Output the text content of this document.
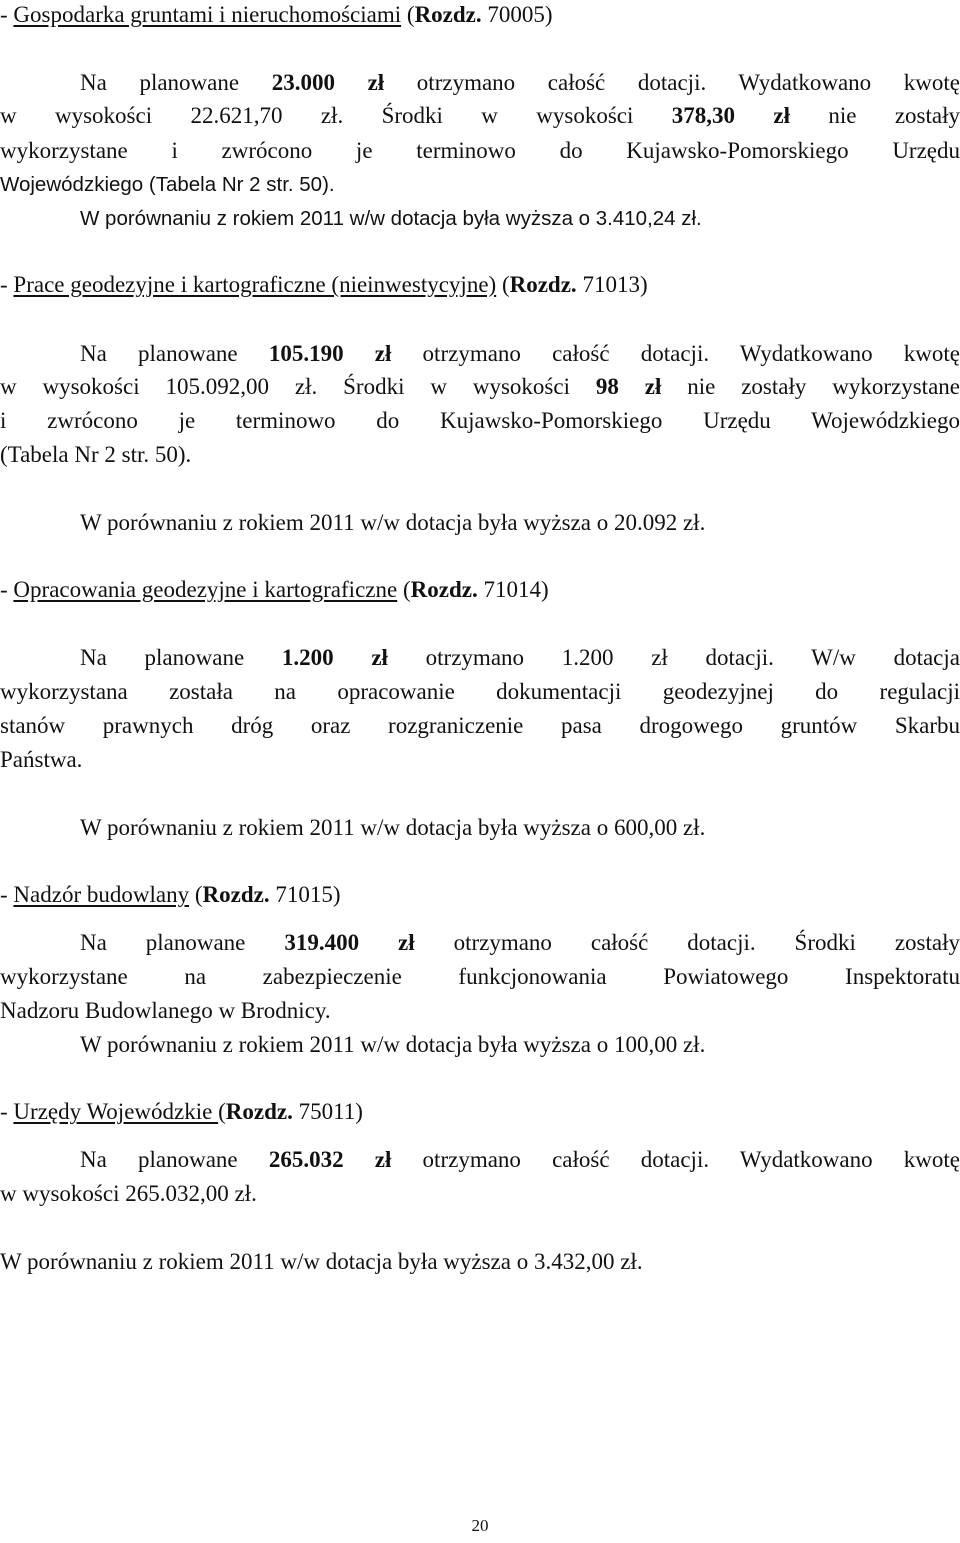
- Gospodarka gruntami i nieruchomościami (Rozdz. 70005)
Na planowane 23.000 zł otrzymano całość dotacji. Wydatkowano kwotę
w wysokości 22.621,70 zł. Środki w wysokości 378,30 zł nie zostały
wykorzystane i zwrócono je terminowo do Kujawsko-Pomorskiego Urzędu
Wojewódzkiego (Tabela Nr 2 str. 50).
W porównaniu z rokiem 2011 w/w dotacja była wyższa o 3.410,24 zł.
- Prace geodezyjne i kartograficzne (nieinwestycyjne) (Rozdz. 71013)
Na planowane 105.190 zł otrzymano całość dotacji. Wydatkowano kwotę
w wysokości 105.092,00 zł. Środki w wysokości 98 zł nie zostały wykorzystane
i zwrócono je terminowo do Kujawsko-Pomorskiego Urzędu Wojewódzkiego
(Tabela Nr 2 str. 50).
W porównaniu z rokiem 2011 w/w dotacja była wyższa o 20.092 zł.
- Opracowania geodezyjne i kartograficzne (Rozdz. 71014)
Na planowane 1.200 zł otrzymano 1.200 zł dotacji. W/w dotacja
wykorzystana została na opracowanie dokumentacji geodezyjnej do regulacji
stanów prawnych dróg oraz rozgraniczenie pasa drogowego gruntów Skarbu
Państwa.
W porównaniu z rokiem 2011 w/w dotacja była wyższa o 600,00 zł.
- Nadzór budowlany (Rozdz. 71015)
Na planowane 319.400 zł otrzymano całość dotacji. Środki zostały
wykorzystane na zabezpieczenie funkcjonowania Powiatowego Inspektoratu
Nadzoru Budowlanego w Brodnicy.
W porównaniu z rokiem 2011 w/w dotacja była wyższa o 100,00 zł.
- Urzędy Wojewódzkie (Rozdz. 75011)
Na planowane 265.032 zł otrzymano całość dotacji. Wydatkowano kwotę
w wysokości 265.032,00 zł.
W porównaniu z rokiem 2011 w/w dotacja była wyższa o 3.432,00 zł.
20
